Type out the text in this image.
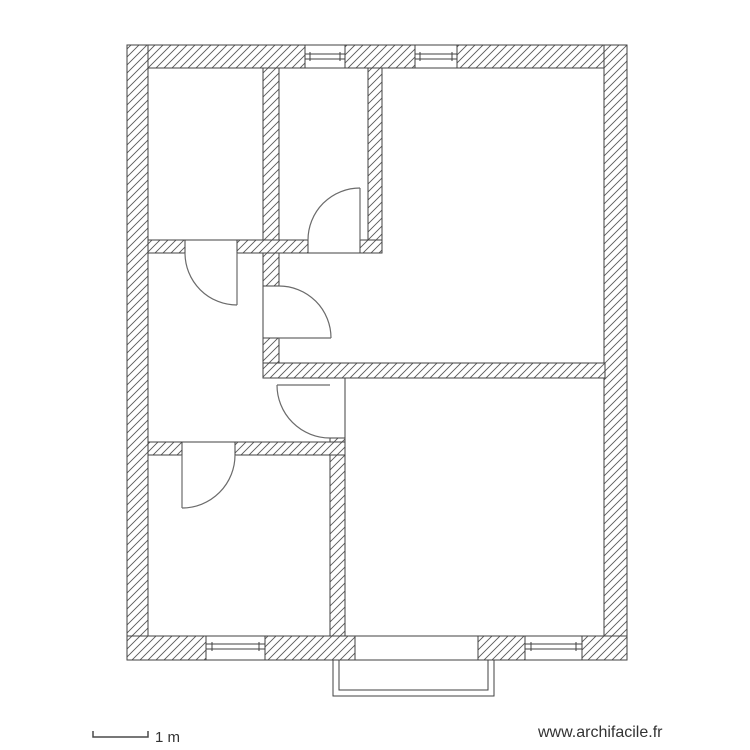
1 m	www.archifacile.fr
